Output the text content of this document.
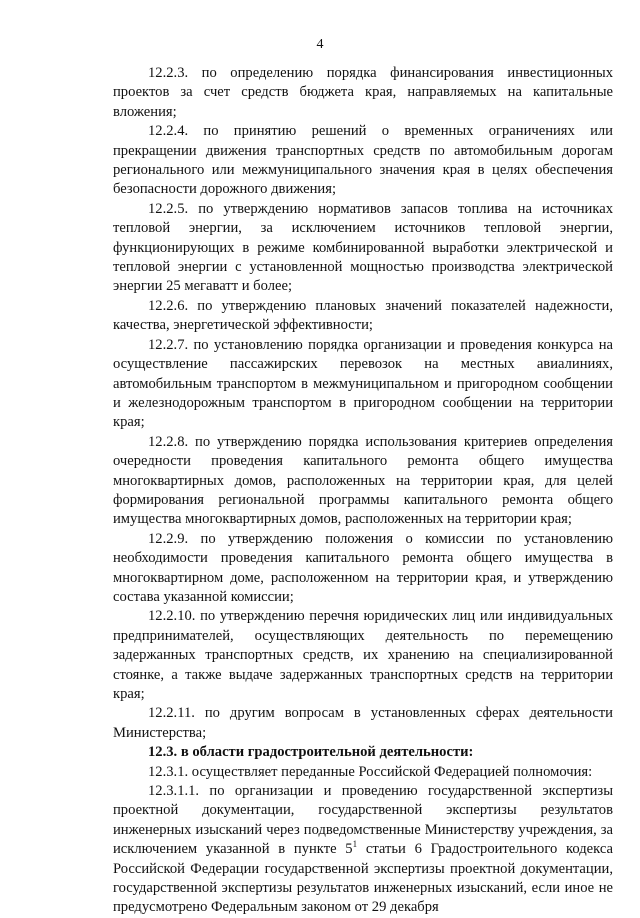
4

12.2.3. по определению порядка финансирования инвестиционных проектов за счет средств бюджета края, направляемых на капитальные вложения;

12.2.4. по принятию решений о временных ограничениях или прекращении движения транспортных средств по автомобильным дорогам регионального или межмуниципального значения края в целях обеспечения безопасности дорожного движения;

12.2.5. по утверждению нормативов запасов топлива на источниках тепловой энергии, за исключением источников тепловой энергии, функционирующих в режиме комбинированной выработки электрической и тепловой энергии с установленной мощностью производства электрической энергии 25 мегаватт и более;

12.2.6. по утверждению плановых значений показателей надежности, качества, энергетической эффективности;

12.2.7. по установлению порядка организации и проведения конкурса на осуществление пассажирских перевозок на местных авиалиниях, автомобильным транспортом в межмуниципальном и пригородном сообщении и железнодорожным транспортом в пригородном сообщении на территории края;

12.2.8. по утверждению порядка использования критериев определения очередности проведения капитального ремонта общего имущества многоквартирных домов, расположенных на территории края, для целей формирования региональной программы капитального ремонта общего имущества многоквартирных домов, расположенных на территории края;

12.2.9. по утверждению положения о комиссии по установлению необходимости проведения капитального ремонта общего имущества в многоквартирном доме, расположенном на территории края, и утверждению состава указанной комиссии;

12.2.10. по утверждению перечня юридических лиц или индивидуальных предпринимателей, осуществляющих деятельность по перемещению задержанных транспортных средств, их хранению на специализированной стоянке, а также выдаче задержанных транспортных средств на территории края;

12.2.11. по другим вопросам в установленных сферах деятельности Министерства;

12.3. в области градостроительной деятельности:

12.3.1. осуществляет переданные Российской Федерацией полномочия:

12.3.1.1. по организации и проведению государственной экспертизы проектной документации, государственной экспертизы результатов инженерных изысканий через подведомственные Министерству учреждения, за исключением указанной в пункте $5^1$ статьи 6 Градостроительного кодекса Российской Федерации государственной экспертизы проектной документации, государственной экспертизы результатов инженерных изысканий, если иное не предусмотрено Федеральным законом от 29 декабря
